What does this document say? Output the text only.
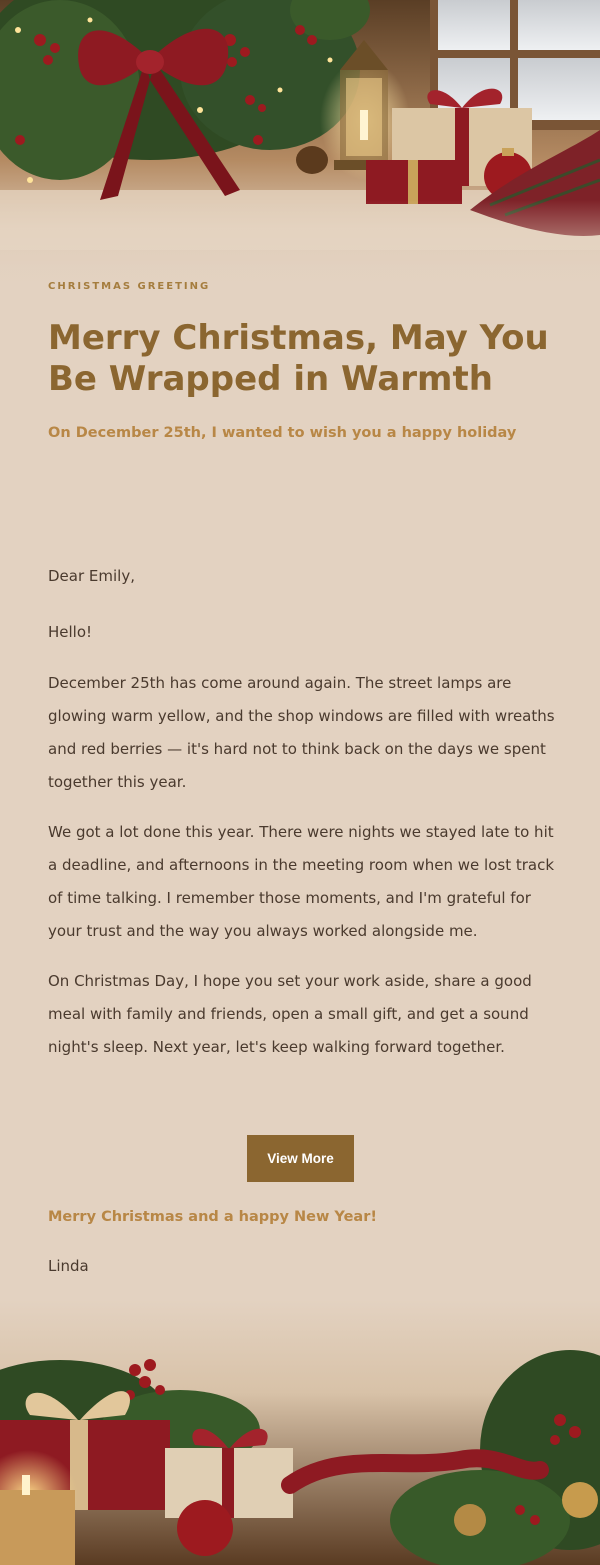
CHRISTMAS GREETING
Merry Christmas, May You Be Wrapped in Warmth
On December 25th, I wanted to wish you a happy holiday

Dear Emily,

Hello!

December 25th has come around again. The street lamps are glowing warm yellow, and the shop windows are filled with wreaths and red berries — it's hard not to think back on the days we spent together this year.

We got a lot done this year. There were nights we stayed late to hit a deadline, and afternoons in the meeting room when we lost track of time talking. I remember those moments, and I'm grateful for your trust and the way you always worked alongside me.

On Christmas Day, I hope you set your work aside, share a good meal with family and friends, open a small gift, and get a sound night's sleep. Next year, let's keep walking forward together.

View More
Merry Christmas and a happy New Year!
Linda
